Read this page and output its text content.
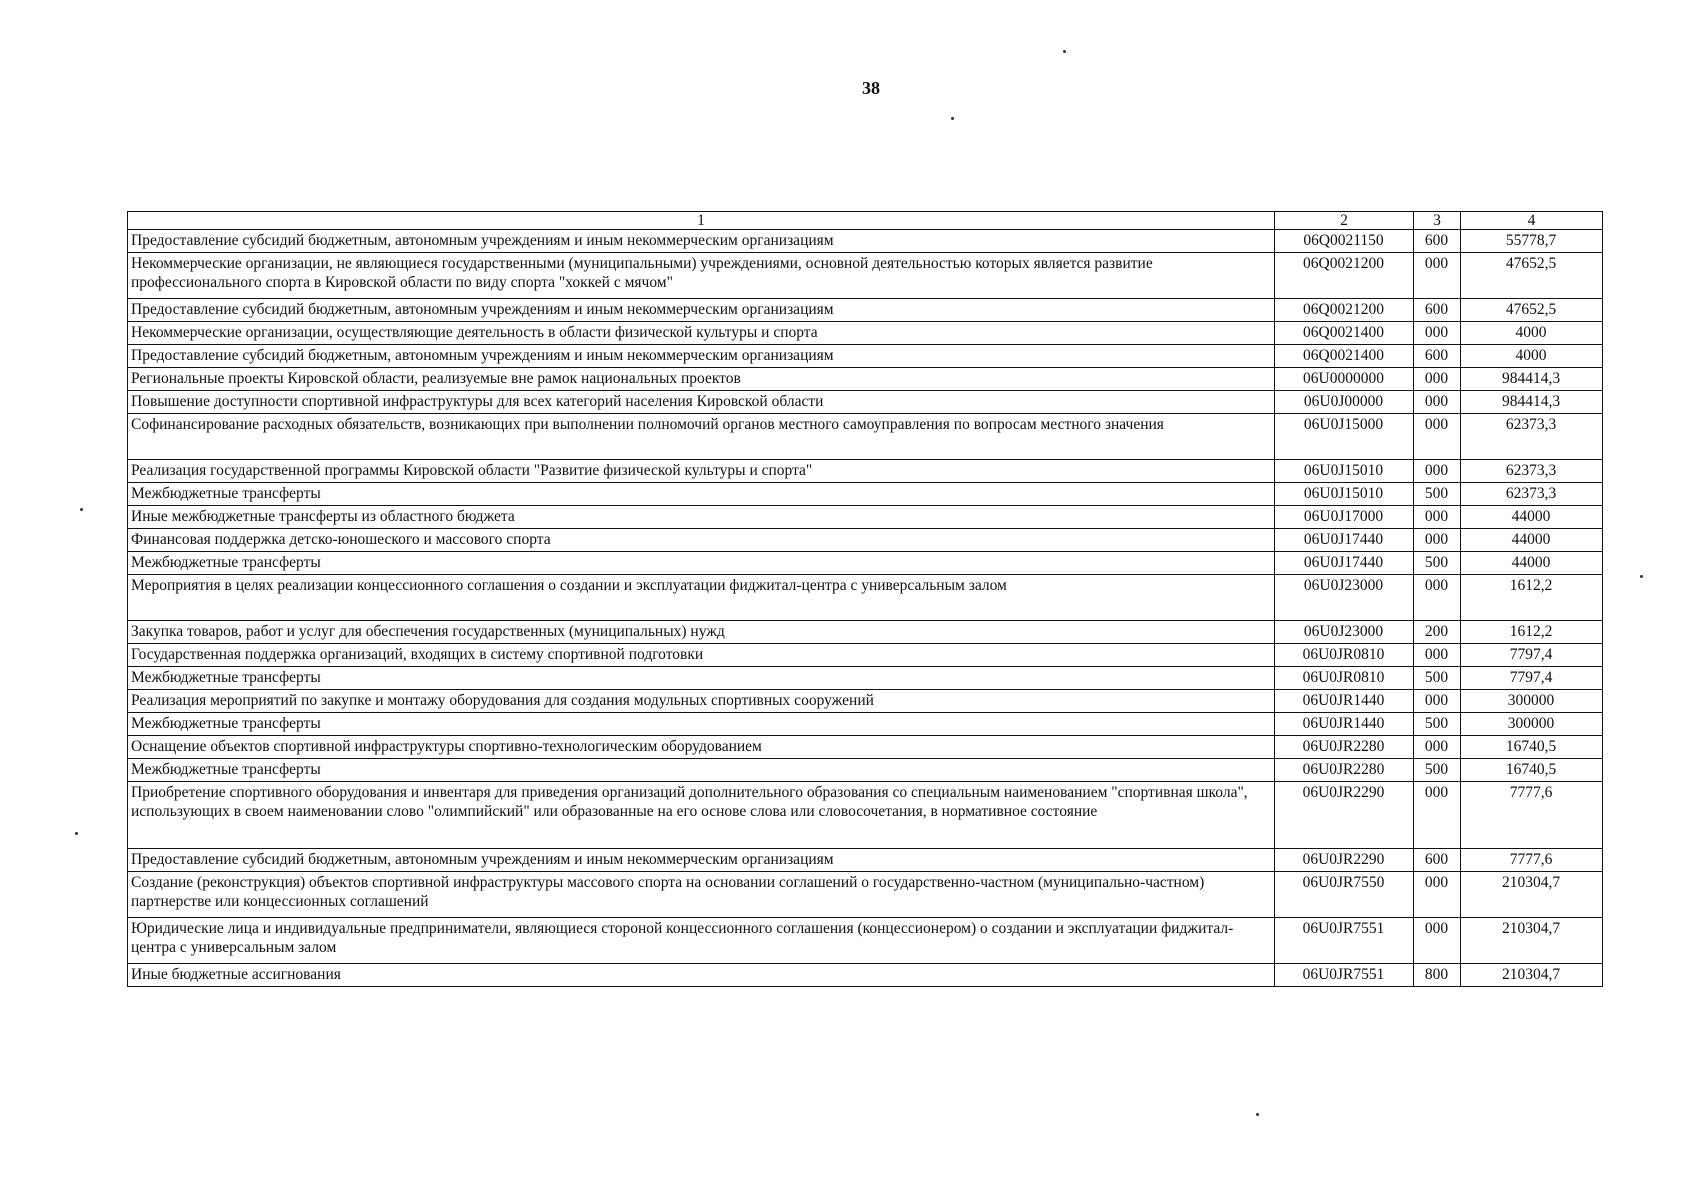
38
1	2	3	4
Предоставление субсидий бюджетным, автономным учреждениям и иным некоммерческим организациям	06Q0021150	600	55778,7
Некоммерческие организации, не являющиеся государственными (муниципальными) учреждениями, основной деятельностью которых является развитие профессионального спорта в Кировской области по виду спорта "хоккей с мячом"	06Q0021200	000	47652,5
Предоставление субсидий бюджетным, автономным учреждениям и иным некоммерческим организациям	06Q0021200	600	47652,5
Некоммерческие организации, осуществляющие деятельность в области физической культуры и спорта	06Q0021400	000	4000
Предоставление субсидий бюджетным, автономным учреждениям и иным некоммерческим организациям	06Q0021400	600	4000
Региональные проекты Кировской области, реализуемые вне рамок национальных проектов	06U0000000	000	984414,3
Повышение доступности спортивной инфраструктуры для всех категорий населения Кировской области	06U0J00000	000	984414,3
Софинансирование расходных обязательств, возникающих при выполнении полномочий органов местного самоуправления по вопросам местного значения	06U0J15000	000	62373,3
Реализация государственной программы Кировской области "Развитие физической культуры и спорта"	06U0J15010	000	62373,3
Межбюджетные трансферты	06U0J15010	500	62373,3
Иные межбюджетные трансферты из областного бюджета	06U0J17000	000	44000
Финансовая поддержка детско-юношеского и массового спорта	06U0J17440	000	44000
Межбюджетные трансферты	06U0J17440	500	44000
Мероприятия в целях реализации концессионного соглашения о создании и эксплуатации фиджитал-центра с универсальным залом	06U0J23000	000	1612,2
Закупка товаров, работ и услуг для обеспечения государственных (муниципальных) нужд	06U0J23000	200	1612,2
Государственная поддержка организаций, входящих в систему спортивной подготовки	06U0JR0810	000	7797,4
Межбюджетные трансферты	06U0JR0810	500	7797,4
Реализация мероприятий по закупке и монтажу оборудования для создания модульных спортивных сооружений	06U0JR1440	000	300000
Межбюджетные трансферты	06U0JR1440	500	300000
Оснащение объектов спортивной инфраструктуры спортивно-технологическим оборудованием	06U0JR2280	000	16740,5
Межбюджетные трансферты	06U0JR2280	500	16740,5
Приобретение спортивного оборудования и инвентаря для приведения организаций дополнительного образования со специальным наименованием "спортивная школа", использующих в своем наименовании слово "олимпийский" или образованные на его основе слова или словосочетания, в нормативное состояние	06U0JR2290	000	7777,6
Предоставление субсидий бюджетным, автономным учреждениям и иным некоммерческим организациям	06U0JR2290	600	7777,6
Создание (реконструкция) объектов спортивной инфраструктуры массового спорта на основании соглашений о государственно-частном (муниципально-частном) партнерстве или концессионных соглашений	06U0JR7550	000	210304,7
Юридические лица и индивидуальные предприниматели, являющиеся стороной концессионного соглашения (концессионером) о создании и эксплуатации фиджитал-центра с универсальным залом	06U0JR7551	000	210304,7
Иные бюджетные ассигнования	06U0JR7551	800	210304,7
